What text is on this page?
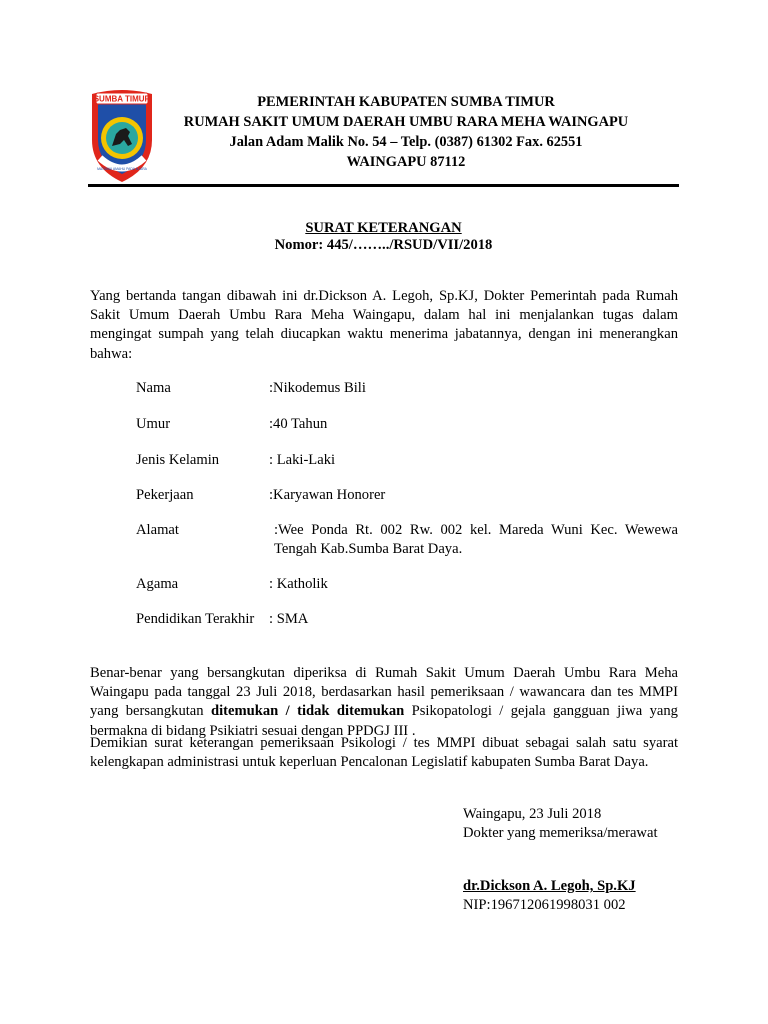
SUMBA TIMUR
MATAWAI AMAHU PADA NJARA
PEMERINTAH KABUPATEN SUMBA TIMUR
RUMAH SAKIT UMUM DAERAH UMBU RARA MEHA WAINGAPU
Jalan Adam Malik No. 54 – Telp. (0387) 61302 Fax. 62551
WAINGAPU 87112
SURAT KETERANGAN
Nomor: 445/……../RSUD/VII/2018
Yang bertanda tangan dibawah ini dr.Dickson A. Legoh, Sp.KJ, Dokter Pemerintah pada Rumah Sakit Umum Daerah Umbu Rara Meha Waingapu, dalam hal ini menjalankan tugas dalam mengingat sumpah yang telah diucapkan waktu menerima jabatannya, dengan ini menerangkan bahwa:
Nama	:Nikodemus Bili
Umur	:40 Tahun
Jenis Kelamin	: Laki-Laki
Pekerjaan	:Karyawan Honorer
Alamat	:Wee Ponda Rt. 002 Rw. 002 kel. Mareda Wuni Kec. Wewewa Tengah Kab.Sumba Barat Daya.
Agama	: Katholik
Pendidikan Terakhir : SMA
Benar-benar yang bersangkutan diperiksa di Rumah Sakit Umum Daerah Umbu Rara Meha Waingapu pada tanggal 23 Juli 2018, berdasarkan hasil pemeriksaan / wawancara dan tes MMPI yang bersangkutan ditemukan / tidak ditemukan Psikopatologi / gejala gangguan jiwa yang bermakna di bidang Psikiatri sesuai dengan PPDGJ III .
Demikian surat keterangan pemeriksaan Psikologi / tes MMPI dibuat sebagai salah satu syarat kelengkapan administrasi untuk keperluan Pencalonan Legislatif kabupaten Sumba Barat Daya.
Waingapu, 23 Juli 2018
Dokter yang memeriksa/merawat
dr.Dickson A. Legoh, Sp.KJ
NIP:196712061998031 002
